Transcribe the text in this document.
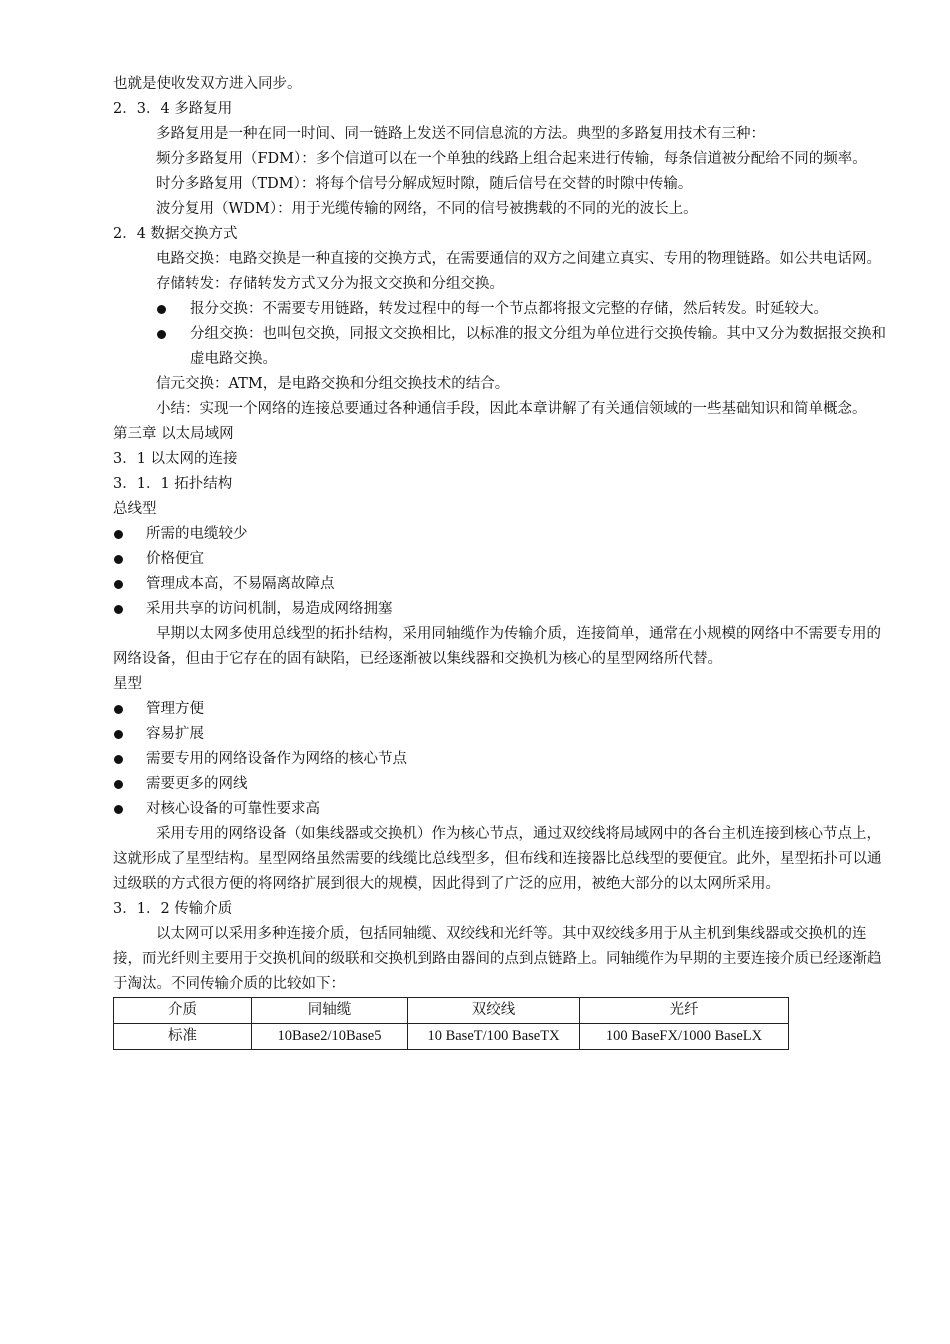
也就是使收发双方进入同步。

2．3．4 多路复用

多路复用是一种在同一时间、同一链路上发送不同信息流的方法。典型的多路复用技术有三种：

频分多路复用（FDM）：多个信道可以在一个单独的线路上组合起来进行传输，每条信道被分配给不同的频率。

时分多路复用（TDM）：将每个信号分解成短时隙，随后信号在交替的时隙中传输。

波分复用（WDM）：用于光缆传输的网络，不同的信号被携载的不同的光的波长上。

2．4 数据交换方式

电路交换：电路交换是一种直接的交换方式，在需要通信的双方之间建立真实、专用的物理链路。如公共电话网。

存储转发：存储转发方式又分为报文交换和分组交换。

报分交换：不需要专用链路，转发过程中的每一个节点都将报文完整的存储，然后转发。时延较大。
分组交换：也叫包交换，同报文交换相比，以标准的报文分组为单位进行交换传输。其中又分为数据报交换和虚电路交换。

信元交换：ATM，是电路交换和分组交换技术的结合。

小结：实现一个网络的连接总要通过各种通信手段，因此本章讲解了有关通信领域的一些基础知识和简单概念。

第三章 以太局域网

3．1 以太网的连接

3．1．1 拓扑结构

总线型

所需的电缆较少
价格便宜
管理成本高，不易隔离故障点
采用共享的访问机制，易造成网络拥塞

早期以太网多使用总线型的拓扑结构，采用同轴缆作为传输介质，连接简单，通常在小规模的网络中不需要专用的网络设备，但由于它存在的固有缺陷，已经逐渐被以集线器和交换机为核心的星型网络所代替。

星型

管理方便
容易扩展
需要专用的网络设备作为网络的核心节点
需要更多的网线
对核心设备的可靠性要求高

采用专用的网络设备（如集线器或交换机）作为核心节点，通过双绞线将局域网中的各台主机连接到核心节点上，这就形成了星型结构。星型网络虽然需要的线缆比总线型多，但布线和连接器比总线型的要便宜。此外，星型拓扑可以通过级联的方式很方便的将网络扩展到很大的规模，因此得到了广泛的应用，被绝大部分的以太网所采用。

3．1．2 传输介质

以太网可以采用多种连接介质，包括同轴缆、双绞线和光纤等。其中双绞线多用于从主机到集线器或交换机的连接，而光纤则主要用于交换机间的级联和交换机到路由器间的点到点链路上。同轴缆作为早期的主要连接介质已经逐渐趋于淘汰。不同传输介质的比较如下：

介质	同轴缆	双绞线	光纤
标准	10Base2/10Base5	10 BaseT/100 BaseTX	100 BaseFX/1000 BaseLX
